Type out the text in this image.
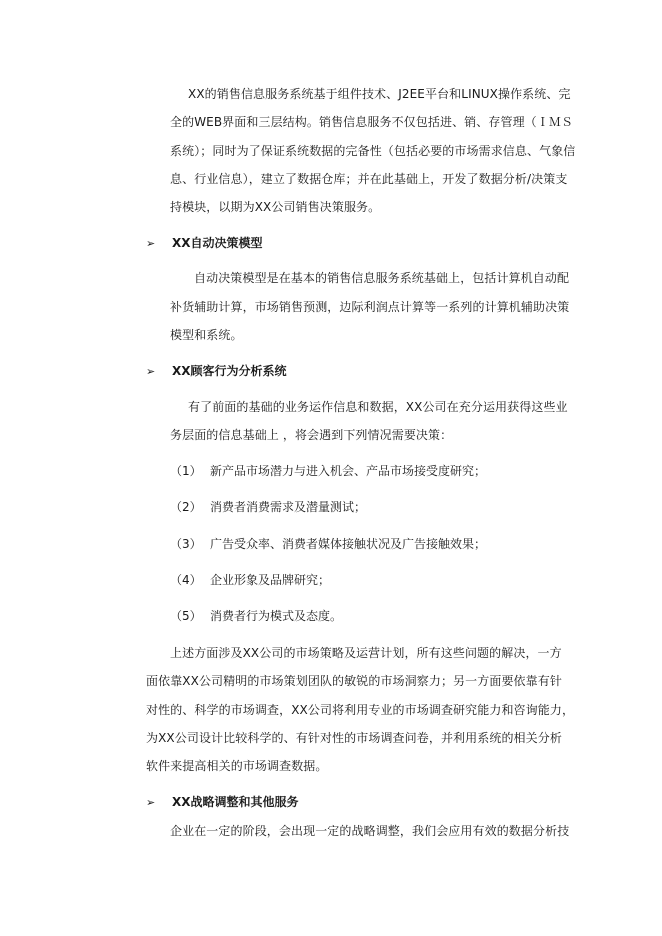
XX的销售信息服务系统基于组件技术、J2EE平台和LINUX操作系统、完
全的WEB界面和三层结构。销售信息服务不仅包括进、销、存管理（ＩＭＳ
系统）；同时为了保证系统数据的完备性（包括必要的市场需求信息、气象信
息、行业信息），建立了数据仓库；并在此基础上，开发了数据分析/决策支
持模块，以期为XX公司销售决策服务。
➢ XX自动决策模型
自动决策模型是在基本的销售信息服务系统基础上，包括计算机自动配
补货辅助计算，市场销售预测，边际利润点计算等一系列的计算机辅助决策
模型和系统。
➢ XX顾客行为分析系统
有了前面的基础的业务运作信息和数据，XX公司在充分运用获得这些业
务层面的信息基础上 ，将会遇到下列情况需要决策：
（1） 新产品市场潜力与进入机会、产品市场接受度研究；
（2） 消费者消费需求及潜量测试；
（3） 广告受众率、消费者媒体接触状况及广告接触效果；
（4） 企业形象及品牌研究；
（5） 消费者行为模式及态度。
上述方面涉及XX公司的市场策略及运营计划，所有这些问题的解决，一方
面依靠XX公司精明的市场策划团队的敏锐的市场洞察力；另一方面要依靠有针
对性的、科学的市场调查，XX公司将利用专业的市场调查研究能力和咨询能力，
为XX公司设计比较科学的、有针对性的市场调查问卷，并利用系统的相关分析
软件来提高相关的市场调查数据。
➢ XX战略调整和其他服务
企业在一定的阶段，会出现一定的战略调整，我们会应用有效的数据分析技
